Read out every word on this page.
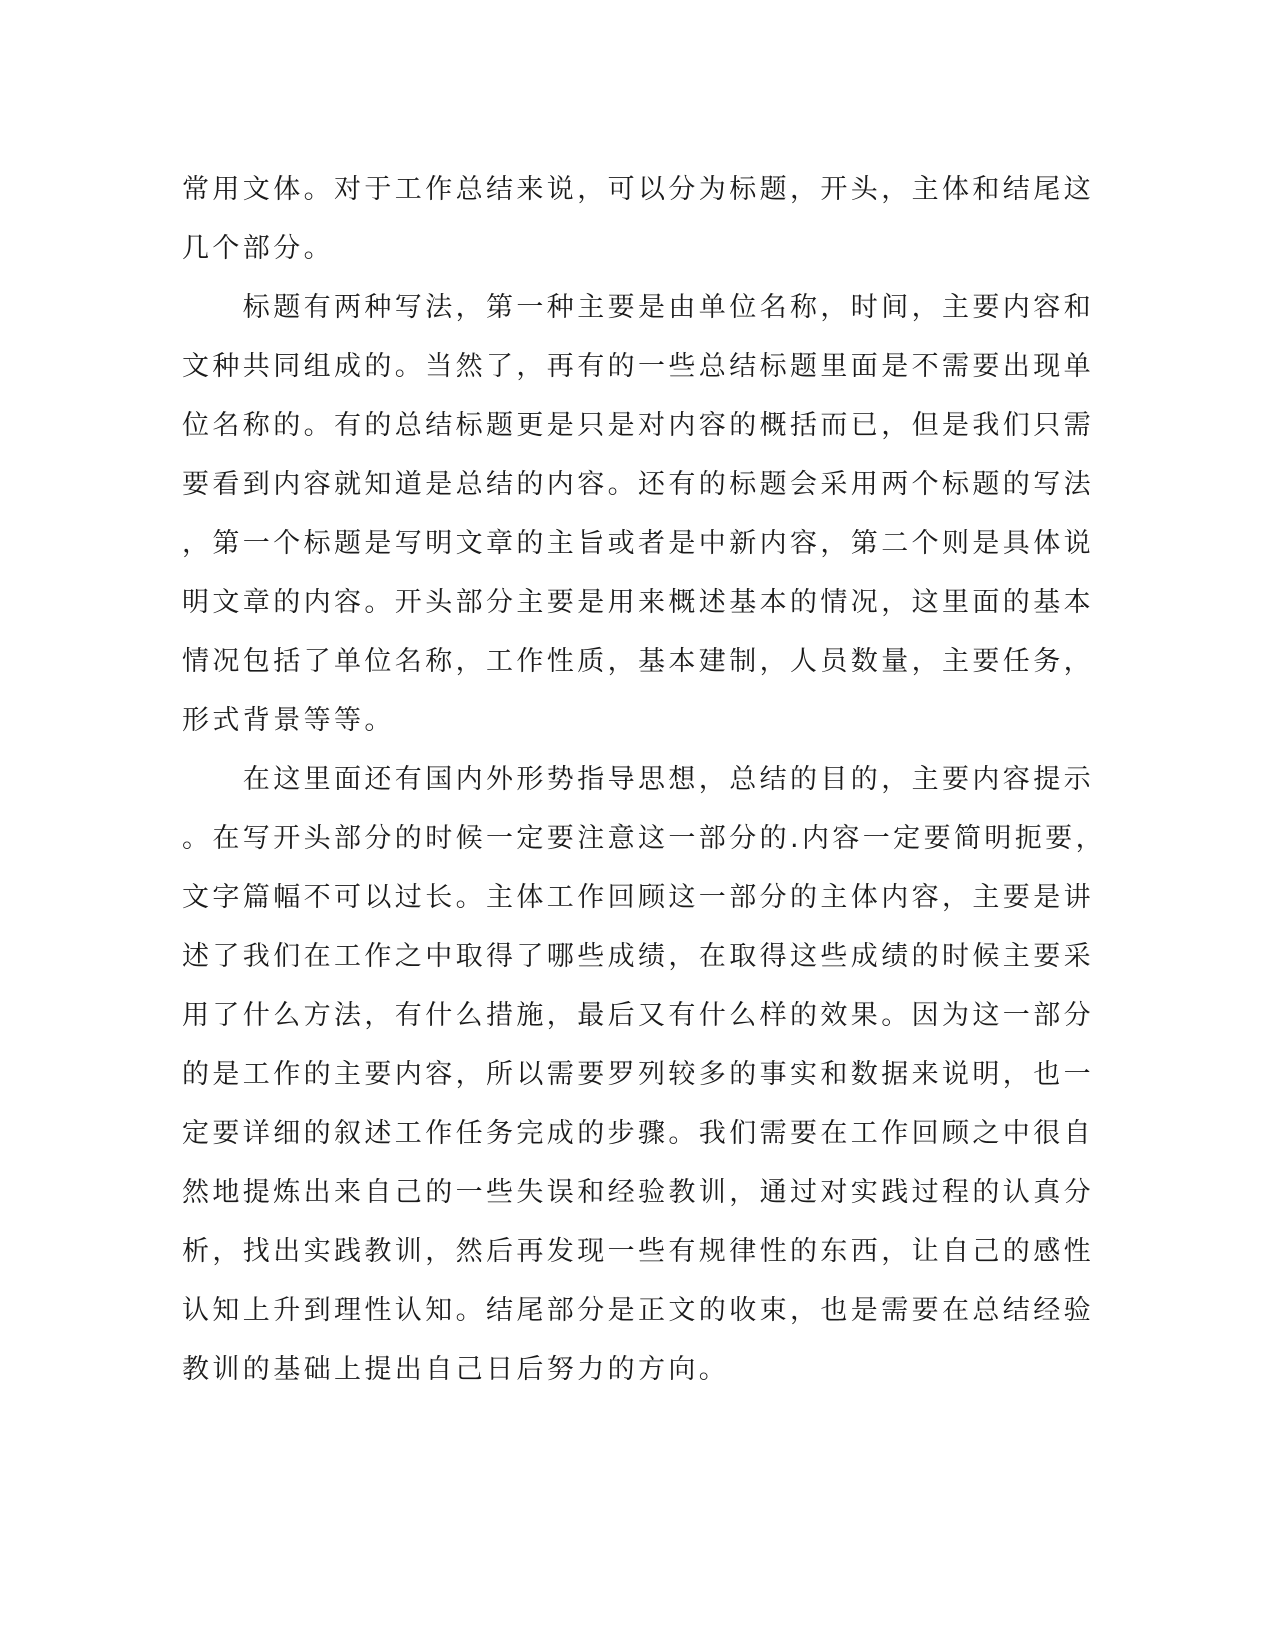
常用文体。对于工作总结来说，可以分为标题，开头，主体和结尾这
几个部分。
　　标题有两种写法，第一种主要是由单位名称，时间，主要内容和
文种共同组成的。当然了，再有的一些总结标题里面是不需要出现单
位名称的。有的总结标题更是只是对内容的概括而已，但是我们只需
要看到内容就知道是总结的内容。还有的标题会采用两个标题的写法
，第一个标题是写明文章的主旨或者是中新内容，第二个则是具体说
明文章的内容。开头部分主要是用来概述基本的情况，这里面的基本
情况包括了单位名称，工作性质，基本建制，人员数量，主要任务，
形式背景等等。
　　在这里面还有国内外形势指导思想，总结的目的，主要内容提示
。在写开头部分的时候一定要注意这一部分的.内容一定要简明扼要，
文字篇幅不可以过长。主体工作回顾这一部分的主体内容，主要是讲
述了我们在工作之中取得了哪些成绩，在取得这些成绩的时候主要采
用了什么方法，有什么措施，最后又有什么样的效果。因为这一部分
的是工作的主要内容，所以需要罗列较多的事实和数据来说明，也一
定要详细的叙述工作任务完成的步骤。我们需要在工作回顾之中很自
然地提炼出来自己的一些失误和经验教训，通过对实践过程的认真分
析，找出实践教训，然后再发现一些有规律性的东西，让自己的感性
认知上升到理性认知。结尾部分是正文的收束，也是需要在总结经验
教训的基础上提出自己日后努力的方向。
